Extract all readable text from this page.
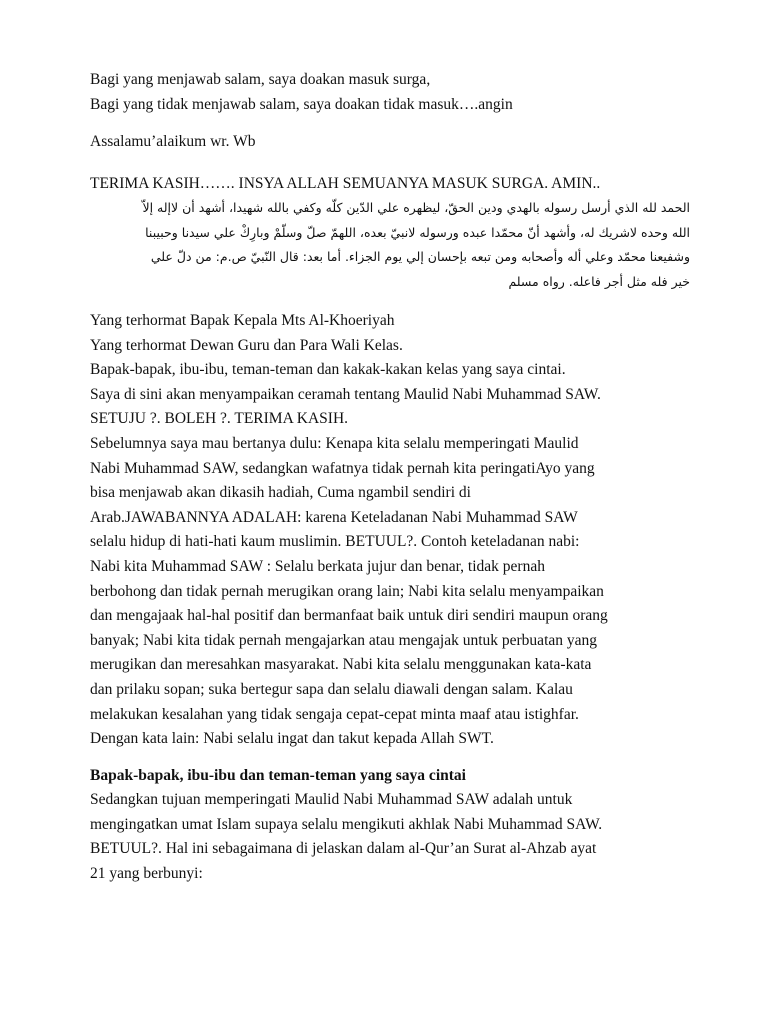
Bagi yang menjawab salam, saya doakan masuk surga,
Bagi yang tidak menjawab salam, saya doakan tidak masuk….angin
Assalamu’alaikum wr. Wb
TERIMA KASIH……. INSYA ALLAH SEMUANYA MASUK SURGA. AMIN..
الحمد لله الذي أرسل رسوله بالهدي ودين الحقّ، ليظهره علي الدّين كلّه وكفي بالله شهيدا، أشهد أن لاإله إلاّ
الله وحده لاشريك له، وأشهد أنّ محمّدا عبده ورسوله لانبيّ بعده، اللهمّ صلّ وسلّمْ وبارِكْ علي سيدنا وحبيبنا
وشفيعنا محمّد وعلي أله وأصحابه ومن تبعه بإحسان إلي يوم الجزاء. أما بعد: قال النّبيّ ص.م: من دلّ علي
خير فله مثل أجر فاعله. رواه مسلم
Yang terhormat Bapak Kepala Mts Al-Khoeriyah
Yang terhormat Dewan Guru dan Para Wali Kelas.
Bapak-bapak, ibu-ibu, teman-teman dan kakak-kakan kelas yang saya cintai.
Saya di sini akan menyampaikan ceramah tentang Maulid Nabi Muhammad SAW.
SETUJU ?. BOLEH ?. TERIMA KASIH.
Sebelumnya saya mau bertanya dulu: Kenapa kita selalu memperingati Maulid
Nabi Muhammad SAW, sedangkan wafatnya tidak pernah kita peringatiAyo yang
bisa menjawab akan dikasih hadiah, Cuma ngambil sendiri di
Arab.JAWABANNYA ADALAH: karena Keteladanan Nabi Muhammad SAW
selalu hidup di hati-hati kaum muslimin. BETUUL?. Contoh keteladanan nabi:
Nabi kita Muhammad SAW : Selalu berkata jujur dan benar, tidak pernah
berbohong dan tidak pernah merugikan orang lain; Nabi kita selalu menyampaikan
dan mengajaak hal-hal positif dan bermanfaat baik untuk diri sendiri maupun orang
banyak; Nabi kita tidak pernah mengajarkan atau mengajak untuk perbuatan yang
merugikan dan meresahkan masyarakat. Nabi kita selalu menggunakan kata-kata
dan prilaku sopan; suka bertegur sapa dan selalu diawali dengan salam. Kalau
melakukan kesalahan yang tidak sengaja cepat-cepat minta maaf atau istighfar.
Dengan kata lain: Nabi selalu ingat dan takut kepada Allah SWT.
Bapak-bapak, ibu-ibu dan teman-teman yang saya cintai
Sedangkan tujuan memperingati Maulid Nabi Muhammad SAW adalah untuk
mengingatkan umat Islam supaya selalu mengikuti akhlak Nabi Muhammad SAW.
BETUUL?. Hal ini sebagaimana di jelaskan dalam al-Qur’an Surat al-Ahzab ayat
21 yang berbunyi:
